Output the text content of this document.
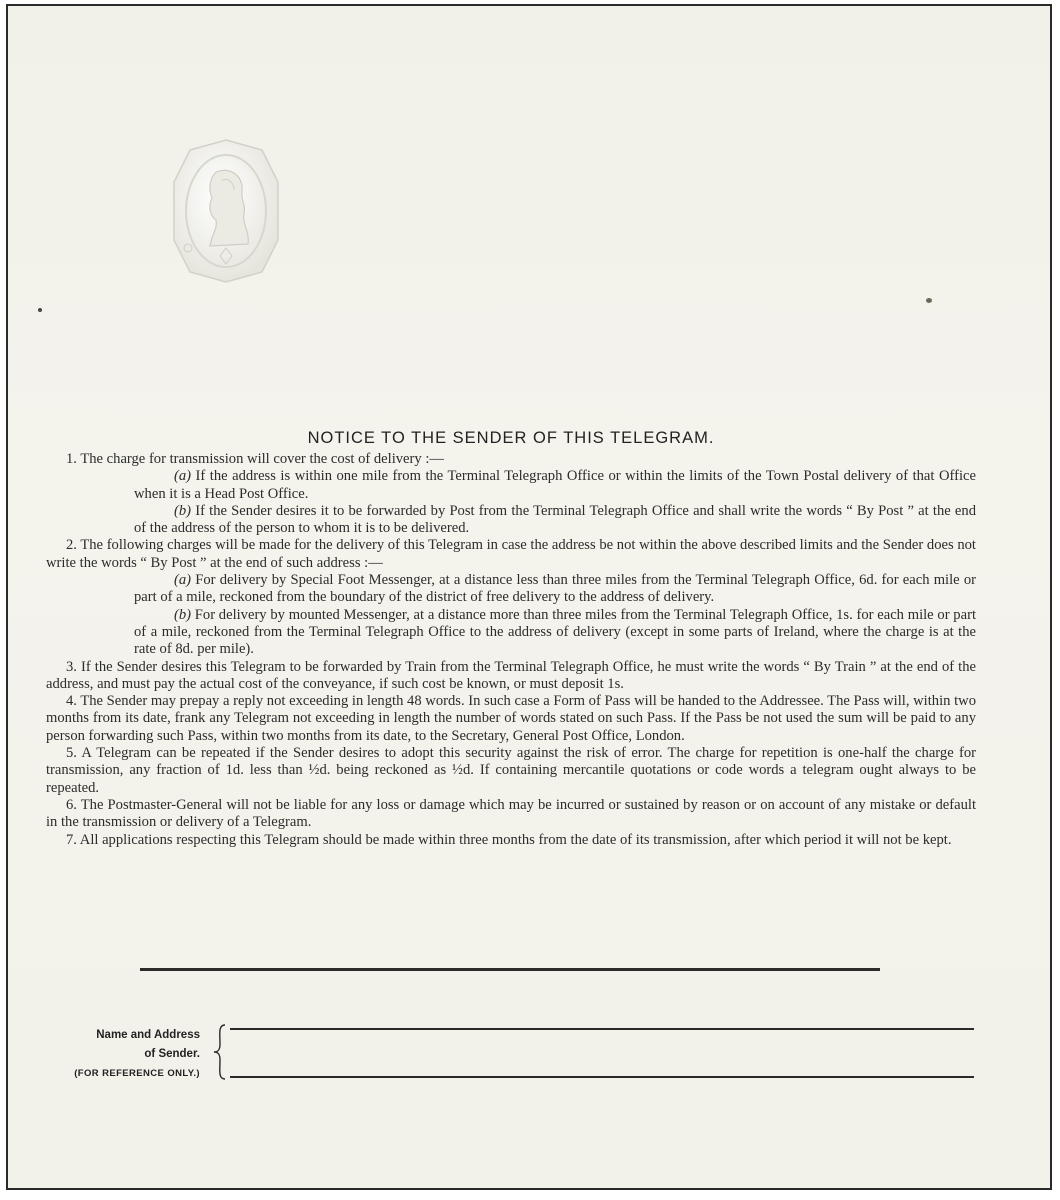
NOTICE TO THE SENDER OF THIS TELEGRAM.

1. The charge for transmission will cover the cost of delivery :—

(a) If the address is within one mile from the Terminal Telegraph Office or within the limits of the Town Postal delivery of that Office when it is a Head Post Office.

(b) If the Sender desires it to be forwarded by Post from the Terminal Telegraph Office and shall write the words “ By Post ” at the end of the address of the person to whom it is to be delivered.

2. The following charges will be made for the delivery of this Telegram in case the address be not within the above described limits and the Sender does not write the words “ By Post ” at the end of such address :—

(a) For delivery by Special Foot Messenger, at a distance less than three miles from the Terminal Telegraph Office, 6d. for each mile or part of a mile, reckoned from the boundary of the district of free delivery to the address of delivery.

(b) For delivery by mounted Messenger, at a distance more than three miles from the Terminal Telegraph Office, 1s. for each mile or part of a mile, reckoned from the Terminal Telegraph Office to the address of delivery (except in some parts of Ireland, where the charge is at the rate of 8d. per mile).

3. If the Sender desires this Telegram to be forwarded by Train from the Terminal Telegraph Office, he must write the words “ By Train ” at the end of the address, and must pay the actual cost of the conveyance, if such cost be known, or must deposit 1s.

4. The Sender may prepay a reply not exceeding in length 48 words. In such case a Form of Pass will be handed to the Addressee. The Pass will, within two months from its date, frank any Telegram not exceeding in length the number of words stated on such Pass. If the Pass be not used the sum will be paid to any person forwarding such Pass, within two months from its date, to the Secretary, General Post Office, London.

5. A Telegram can be repeated if the Sender desires to adopt this security against the risk of error. The charge for repetition is one-half the charge for transmission, any fraction of 1d. less than ½d. being reckoned as ½d. If containing mercantile quotations or code words a telegram ought always to be repeated.

6. The Postmaster-General will not be liable for any loss or damage which may be incurred or sustained by reason or on account of any mistake or default in the transmission or delivery of a Telegram.

7. All applications respecting this Telegram should be made within three months from the date of its transmission, after which period it will not be kept.

Name and Address
of Sender.
(FOR REFERENCE ONLY.)
